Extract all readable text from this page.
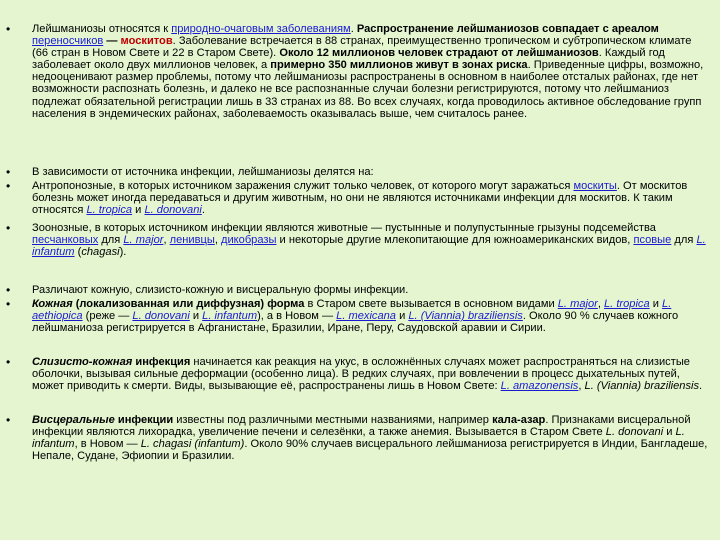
• Лейшманиозы относятся к природно-очаговым заболеваниям. Распространение лейшманиозов совпадает с ареалом переносчиков — москитов. Заболевание встречается в 88 странах, преимущественно тропическом и субтропическом климате (66 стран в Новом Свете и 22 в Старом Свете). Около 12 миллионов человек страдают от лейшманиозов. Каждый год заболевает около двух миллионов человек, а примерно 350 миллионов живут в зонах риска. Приведенные цифры, возможно, недооценивают размер проблемы, потому что лейшманиозы распространены в основном в наиболее отсталых районах, где нет возможности распознать болезнь, и далеко не все распознанные случаи болезни регистрируются, потому что лейшманиоз подлежат обязательной регистрации лишь в 33 странах из 88. Во всех случаях, когда проводилось активное обследование групп населения в эндемических районах, заболеваемость оказывалась выше, чем считалось ранее.

• В зависимости от источника инфекции, лейшманиозы делятся на:

• Антропонозные, в которых источником заражения служит только человек, от которого могут заражаться москиты. От москитов болезнь может иногда передаваться и другим животным, но они не являются источниками инфекции для москитов. К таким относятся L. tropica и L. donovani.

• Зоонозные, в которых источником инфекции являются животные — пустынные и полупустынные грызуны подсемейства песчанковых для L. major, ленивцы, дикобразы и некоторые другие млекопитающие для южноамериканских видов, псовые для L. infantum (chagasi).

• Различают кожную, слизисто-кожную и висцеральную формы инфекции.

• Кожная (локализованная или диффузная) форма в Старом свете вызывается в основном видами L. major, L. tropica и L. aethiopica (реже — L. donovani и L. infantum), а в Новом — L. mexicana и L. (Viannia) braziliensis. Около 90 % случаев кожного лейшманиоза регистрируется в Афганистане, Бразилии, Иране, Перу, Саудовской аравии и Сирии.

• Слизисто-кожная инфекция начинается как реакция на укус, в осложнённых случаях может распространяться на слизистые оболочки, вызывая сильные деформации (особенно лица). В редких случаях, при вовлечении в процесс дыхательных путей, может приводить к смерти. Виды, вызывающие её, распространены лишь в Новом Свете: L. amazonensis, L. (Viannia) braziliensis.

• Висцеральные инфекции известны под различными местными названиями, например кала-азар. Признаками висцеральной инфекции являются лихорадка, увеличение печени и селезёнки, а также анемия. Вызывается в Старом Свете L. donovani и L. infantum, в Новом — L. chagasi (infantum). Около 90% случаев висцерального лейшманиоза регистрируется в Индии, Бангладеше, Непале, Судане, Эфиопии и Бразилии.
